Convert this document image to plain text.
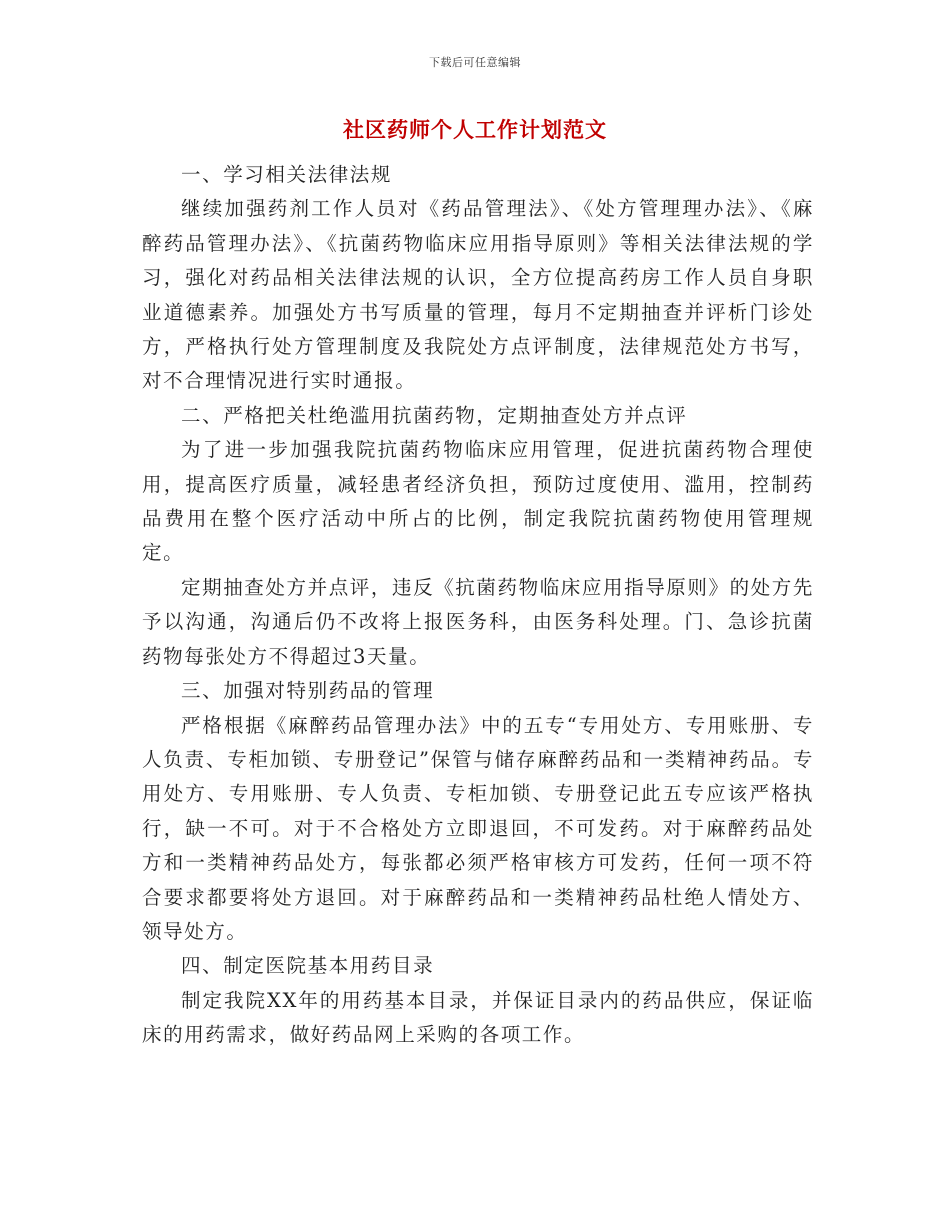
下载后可任意编辑
社区药师个人工作计划范文

一、学习相关法律法规

继续加强药剂工作人员对《药品管理法》、《处方管理理办法》、《麻醉药品管理办法》、《抗菌药物临床应用指导原则》等相关法律法规的学习，强化对药品相关法律法规的认识，全方位提高药房工作人员自身职业道德素养。加强处方书写质量的管理，每月不定期抽查并评析门诊处方，严格执行处方管理制度及我院处方点评制度，法律规范处方书写，对不合理情况进行实时通报。

二、严格把关杜绝滥用抗菌药物，定期抽查处方并点评

为了进一步加强我院抗菌药物临床应用管理，促进抗菌药物合理使用，提高医疗质量，减轻患者经济负担，预防过度使用、滥用，控制药品费用在整个医疗活动中所占的比例，制定我院抗菌药物使用管理规定。

定期抽查处方并点评，违反《抗菌药物临床应用指导原则》的处方先予以沟通，沟通后仍不改将上报医务科，由医务科处理。门、急诊抗菌药物每张处方不得超过3天量。

三、加强对特别药品的管理

严格根据《麻醉药品管理办法》中的五专“专用处方、专用账册、专人负责、专柜加锁、专册登记”保管与储存麻醉药品和一类精神药品。专用处方、专用账册、专人负责、专柜加锁、专册登记此五专应该严格执行，缺一不可。对于不合格处方立即退回，不可发药。对于麻醉药品处方和一类精神药品处方，每张都必须严格审核方可发药，任何一项不符合要求都要将处方退回。对于麻醉药品和一类精神药品杜绝人情处方、领导处方。

四、制定医院基本用药目录

制定我院XX年的用药基本目录，并保证目录内的药品供应，保证临床的用药需求，做好药品网上采购的各项工作。
